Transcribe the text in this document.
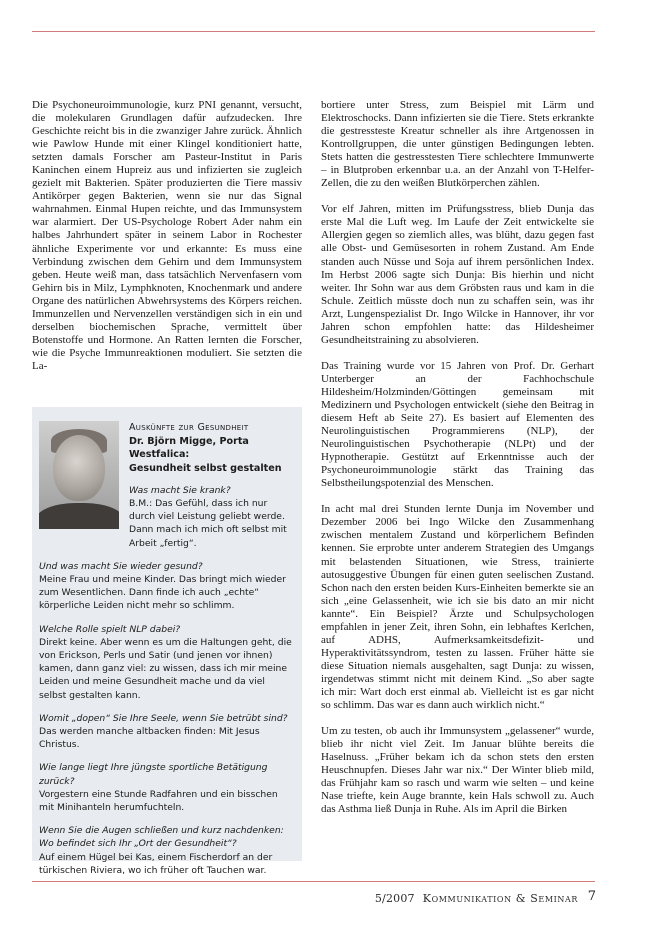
Die Psychoneuroimmunologie, kurz PNI genannt, versucht, die molekularen Grundlagen dafür aufzudecken. Ihre Geschichte reicht bis in die zwanziger Jahre zurück. Ähnlich wie Pawlow Hunde mit einer Klingel konditioniert hatte, setzten damals Forscher am Pasteur-Institut in Paris Kaninchen einem Hupreiz aus und infizierten sie zugleich gezielt mit Bakterien. Später produzierten die Tiere massiv Antikörper gegen Bakterien, wenn sie nur das Signal wahrnahmen. Einmal Hupen reichte, und das Immunsystem war alarmiert. Der US-Psychologe Robert Ader nahm ein halbes Jahrhundert später in seinem Labor in Rochester ähnliche Experimente vor und erkannte: Es muss eine Verbindung zwischen dem Gehirn und dem Immunsystem geben. Heute weiß man, dass tatsächlich Nervenfasern vom Gehirn bis in Milz, Lymphknoten, Knochenmark und andere Organe des natürlichen Abwehrsystems des Körpers reichen. Immunzellen und Nervenzellen verständigen sich in ein und derselben biochemischen Sprache, vermittelt über Botenstoffe und Hormone. An Ratten lernten die Forscher, wie die Psyche Immunreaktionen moduliert. Sie setzten die La-

bortiere unter Stress, zum Beispiel mit Lärm und Elektroschocks. Dann infizierten sie die Tiere. Stets erkrankte die gestressteste Kreatur schneller als ihre Artgenossen in Kontrollgruppen, die unter günstigen Bedingungen lebten. Stets hatten die gestresstesten Tiere schlechtere Immunwerte – in Blutproben erkennbar u.a. an der Anzahl von T-Helfer-Zellen, die zu den weißen Blutkörperchen zählen.

Vor elf Jahren, mitten im Prüfungsstress, blieb Dunja das erste Mal die Luft weg. Im Laufe der Zeit entwickelte sie Allergien gegen so ziemlich alles, was blüht, dazu gegen fast alle Obst- und Gemüsesorten in rohem Zustand. Am Ende standen auch Nüsse und Soja auf ihrem persönlichen Index. Im Herbst 2006 sagte sich Dunja: Bis hierhin und nicht weiter. Ihr Sohn war aus dem Gröbsten raus und kam in die Schule. Zeitlich müsste doch nun zu schaffen sein, was ihr Arzt, Lungenspezialist Dr. Ingo Wilcke in Hannover, ihr vor Jahren schon empfohlen hatte: das Hildesheimer Gesundheitstraining zu absolvieren.

Das Training wurde vor 15 Jahren von Prof. Dr. Gerhart Unterberger an der Fachhochschule Hildesheim/Holzminden/Göttingen gemeinsam mit Medizinern und Psychologen entwickelt (siehe den Beitrag in diesem Heft ab Seite 27). Es basiert auf Elementen des Neurolinguistischen Programmierens (NLP), der Neurolinguistischen Psychotherapie (NLPt) und der Hypnotherapie. Gestützt auf Erkenntnisse auch der Psychoneuroimmunologie stärkt das Training das Selbstheilungspotenzial des Menschen.

In acht mal drei Stunden lernte Dunja im November und Dezember 2006 bei Ingo Wilcke den Zusammenhang zwischen mentalem Zustand und körperlichem Befinden kennen. Sie erprobte unter anderem Strategien des Umgangs mit belastenden Situationen, wie Stress, trainierte autosuggestive Übungen für einen guten seelischen Zustand. Schon nach den ersten beiden Kurs-Einheiten bemerkte sie an sich „eine Gelassenheit, wie ich sie bis dato an mir nicht kannte“. Ein Beispiel? Ärzte und Schulpsychologen empfahlen in jener Zeit, ihren Sohn, ein lebhaftes Kerlchen, auf ADHS, Aufmerksamkeitsdefizit- und Hyperaktivitätssyndrom, testen zu lassen. Früher hätte sie diese Situation niemals ausgehalten, sagt Dunja: zu wissen, irgendetwas stimmt nicht mit deinem Kind. „So aber sagte ich mir: Wart doch erst einmal ab. Vielleicht ist es gar nicht so schlimm. Das war es dann auch wirklich nicht.“

Um zu testen, ob auch ihr Immunsystem „gelassener“ wurde, blieb ihr nicht viel Zeit. Im Januar blühte bereits die Haselnuss. „Früher bekam ich da schon stets den ersten Heuschnupfen. Dieses Jahr war nix.“ Der Winter blieb mild, das Frühjahr kam so rasch und warm wie selten – und keine Nase triefte, kein Auge brannte, kein Hals schwoll zu. Auch das Asthma ließ Dunja in Ruhe. Als im April die Birken

Auskünfte zur Gesundheit
Dr. Björn Migge, Porta Westfalica:
Gesundheit selbst gestalten
Was macht Sie krank?

B.M.: Das Gefühl, dass ich nur durch viel Leistung geliebt werde. Dann mach ich mich oft selbst mit Arbeit „fertig“.

Und was macht Sie wieder gesund?

Meine Frau und meine Kinder. Das bringt mich wieder zum Wesentlichen. Dann finde ich auch „echte“ körperliche Leiden nicht mehr so schlimm.

Welche Rolle spielt NLP dabei?

Direkt keine. Aber wenn es um die Haltungen geht, die von Erickson, Perls und Satir (und jenen vor ihnen) kamen, dann ganz viel: zu wissen, dass ich mir meine Leiden und meine Gesundheit mache und da viel selbst gestalten kann.

Womit „dopen“ Sie Ihre Seele, wenn Sie betrübt sind?

Das werden manche altbacken finden: Mit Jesus Christus.

Wie lange liegt Ihre jüngste sportliche Betätigung zurück?

Vorgestern eine Stunde Radfahren und ein bisschen mit Minihanteln herumfuchteln.

Wenn Sie die Augen schließen und kurz nachdenken: Wo befindet sich Ihr „Ort der Gesundheit“?

Auf einem Hügel bei Kas, einem Fischerdorf an der türkischen Riviera, wo ich früher oft Tauchen war.

5/2007 Kommunikation & Seminar 7
